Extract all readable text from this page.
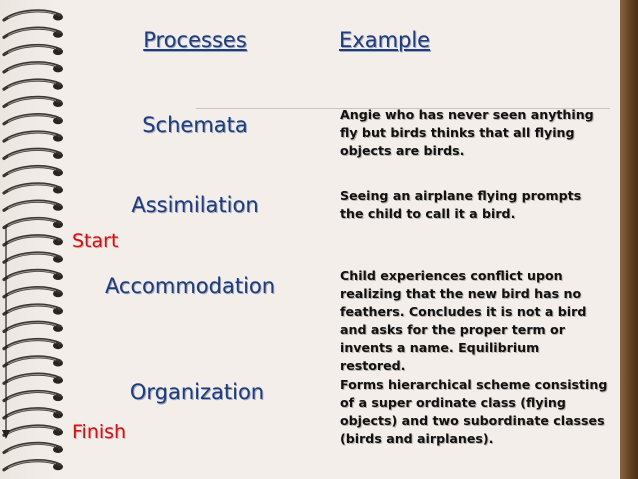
Processes	Example

Schemata

Assimilation

Accommodation

Organization

Angie who has never seen anything fly but birds thinks that all flying objects are birds.

Seeing an airplane flying prompts the child to call it a bird.

Child experiences conflict upon realizing that the new bird has no feathers. Concludes it is not a bird and asks for the proper term or invents a name. Equilibrium restored.

Forms hierarchical scheme consisting of a super ordinate class (flying objects) and two subordinate classes (birds and airplanes).

Start

Finish
